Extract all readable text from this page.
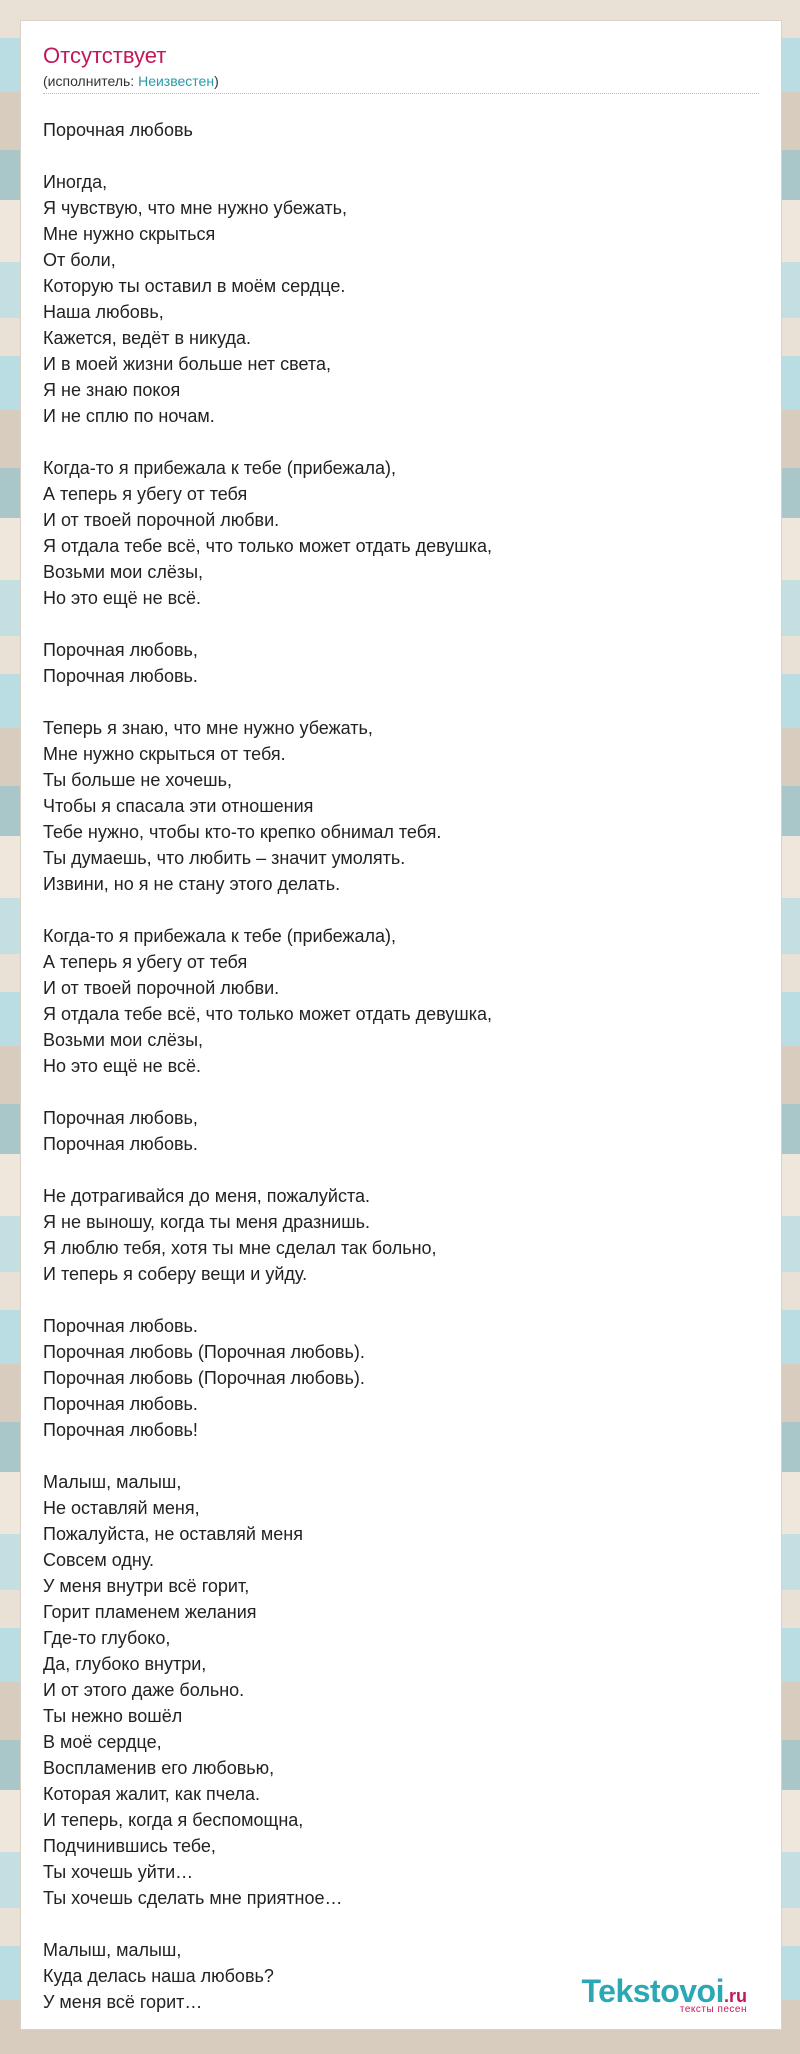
Отсутствует
(исполнитель: Неизвестен)
Порочная любовь

Иногда,
Я чувствую, что мне нужно убежать,
Мне нужно скрыться
От боли,
Которую ты оставил в моём сердце.
Наша любовь,
Кажется, ведёт в никуда.
И в моей жизни больше нет света,
Я не знаю покоя
И не сплю по ночам.

Когда-то я прибежала к тебе (прибежала),
А теперь я убегу от тебя
И от твоей порочной любви.
Я отдала тебе всё, что только может отдать девушка,
Возьми мои слёзы,
Но это ещё не всё.

Порочная любовь,
Порочная любовь.

Теперь я знаю, что мне нужно убежать,
Мне нужно скрыться от тебя.
Ты больше не хочешь,
Чтобы я спасала эти отношения
Тебе нужно, чтобы кто-то крепко обнимал тебя.
Ты думаешь, что любить – значит умолять.
Извини, но я не стану этого делать.

Когда-то я прибежала к тебе (прибежала),
А теперь я убегу от тебя
И от твоей порочной любви.
Я отдала тебе всё, что только может отдать девушка,
Возьми мои слёзы,
Но это ещё не всё.

Порочная любовь,
Порочная любовь.

Не дотрагивайся до меня, пожалуйста.
Я не выношу, когда ты меня дразнишь.
Я люблю тебя, хотя ты мне сделал так больно,
И теперь я соберу вещи и уйду.

Порочная любовь.
Порочная любовь (Порочная любовь).
Порочная любовь (Порочная любовь).
Порочная любовь.
Порочная любовь!

Малыш, малыш,
Не оставляй меня,
Пожалуйста, не оставляй меня
Совсем одну.
У меня внутри всё горит,
Горит пламенем желания
Где-то глубоко,
Да, глубоко внутри,
И от этого даже больно.
Ты нежно вошёл
В моё сердце,
Воспламенив его любовью,
Которая жалит, как пчела.
И теперь, когда я беспомощна,
Подчинившись тебе,
Ты хочешь уйти…
Ты хочешь сделать мне приятное…

Малыш, малыш,
Куда делась наша любовь?
У меня всё горит…	Tekstovoi.ru
тексты песен
